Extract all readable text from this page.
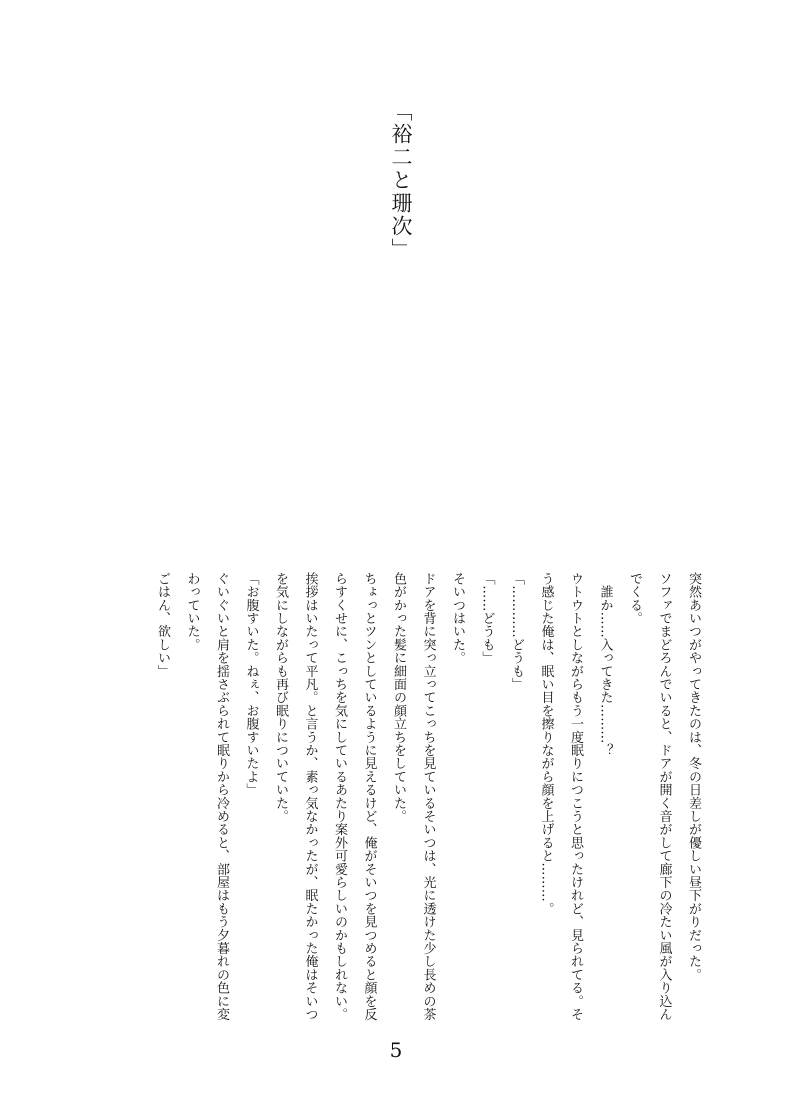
「裕二と珊次」

突然あいつがやってきたのは、冬の日差しが優しい昼下がりだった。

ソファでまどろんでいると、ドアが開く音がして廊下の冷たい風が入り込んでくる。

　誰か……入ってきた………？

ウトウトとしながらもう一度眠りにつこうと思ったけれど、見られてる。そう感じた俺は、眠い目を擦りながら顔を上げると………。

「…………どうも」

「……どうも」

そいつはいた。

ドアを背に突っ立ってこっちを見ているそいつは、光に透けた少し長めの茶色がかった髪に細面の顔立ちをしていた。

ちょっとツンとしているように見えるけど、俺がそいつを見つめると顔を反らすくせに、こっちを気にしているあたり案外可愛らしいのかもしれない。

挨拶はいたって平凡。と言うか、素っ気なかったが、眠たかった俺はそいつを気にしながらも再び眠りについていた。

「お腹すいた。ねぇ、お腹すいたよ」

ぐいぐいと肩を揺さぶられて眠りから冷めると、部屋はもう夕暮れの色に変わっていた。

ごはん、欲しい」

5
